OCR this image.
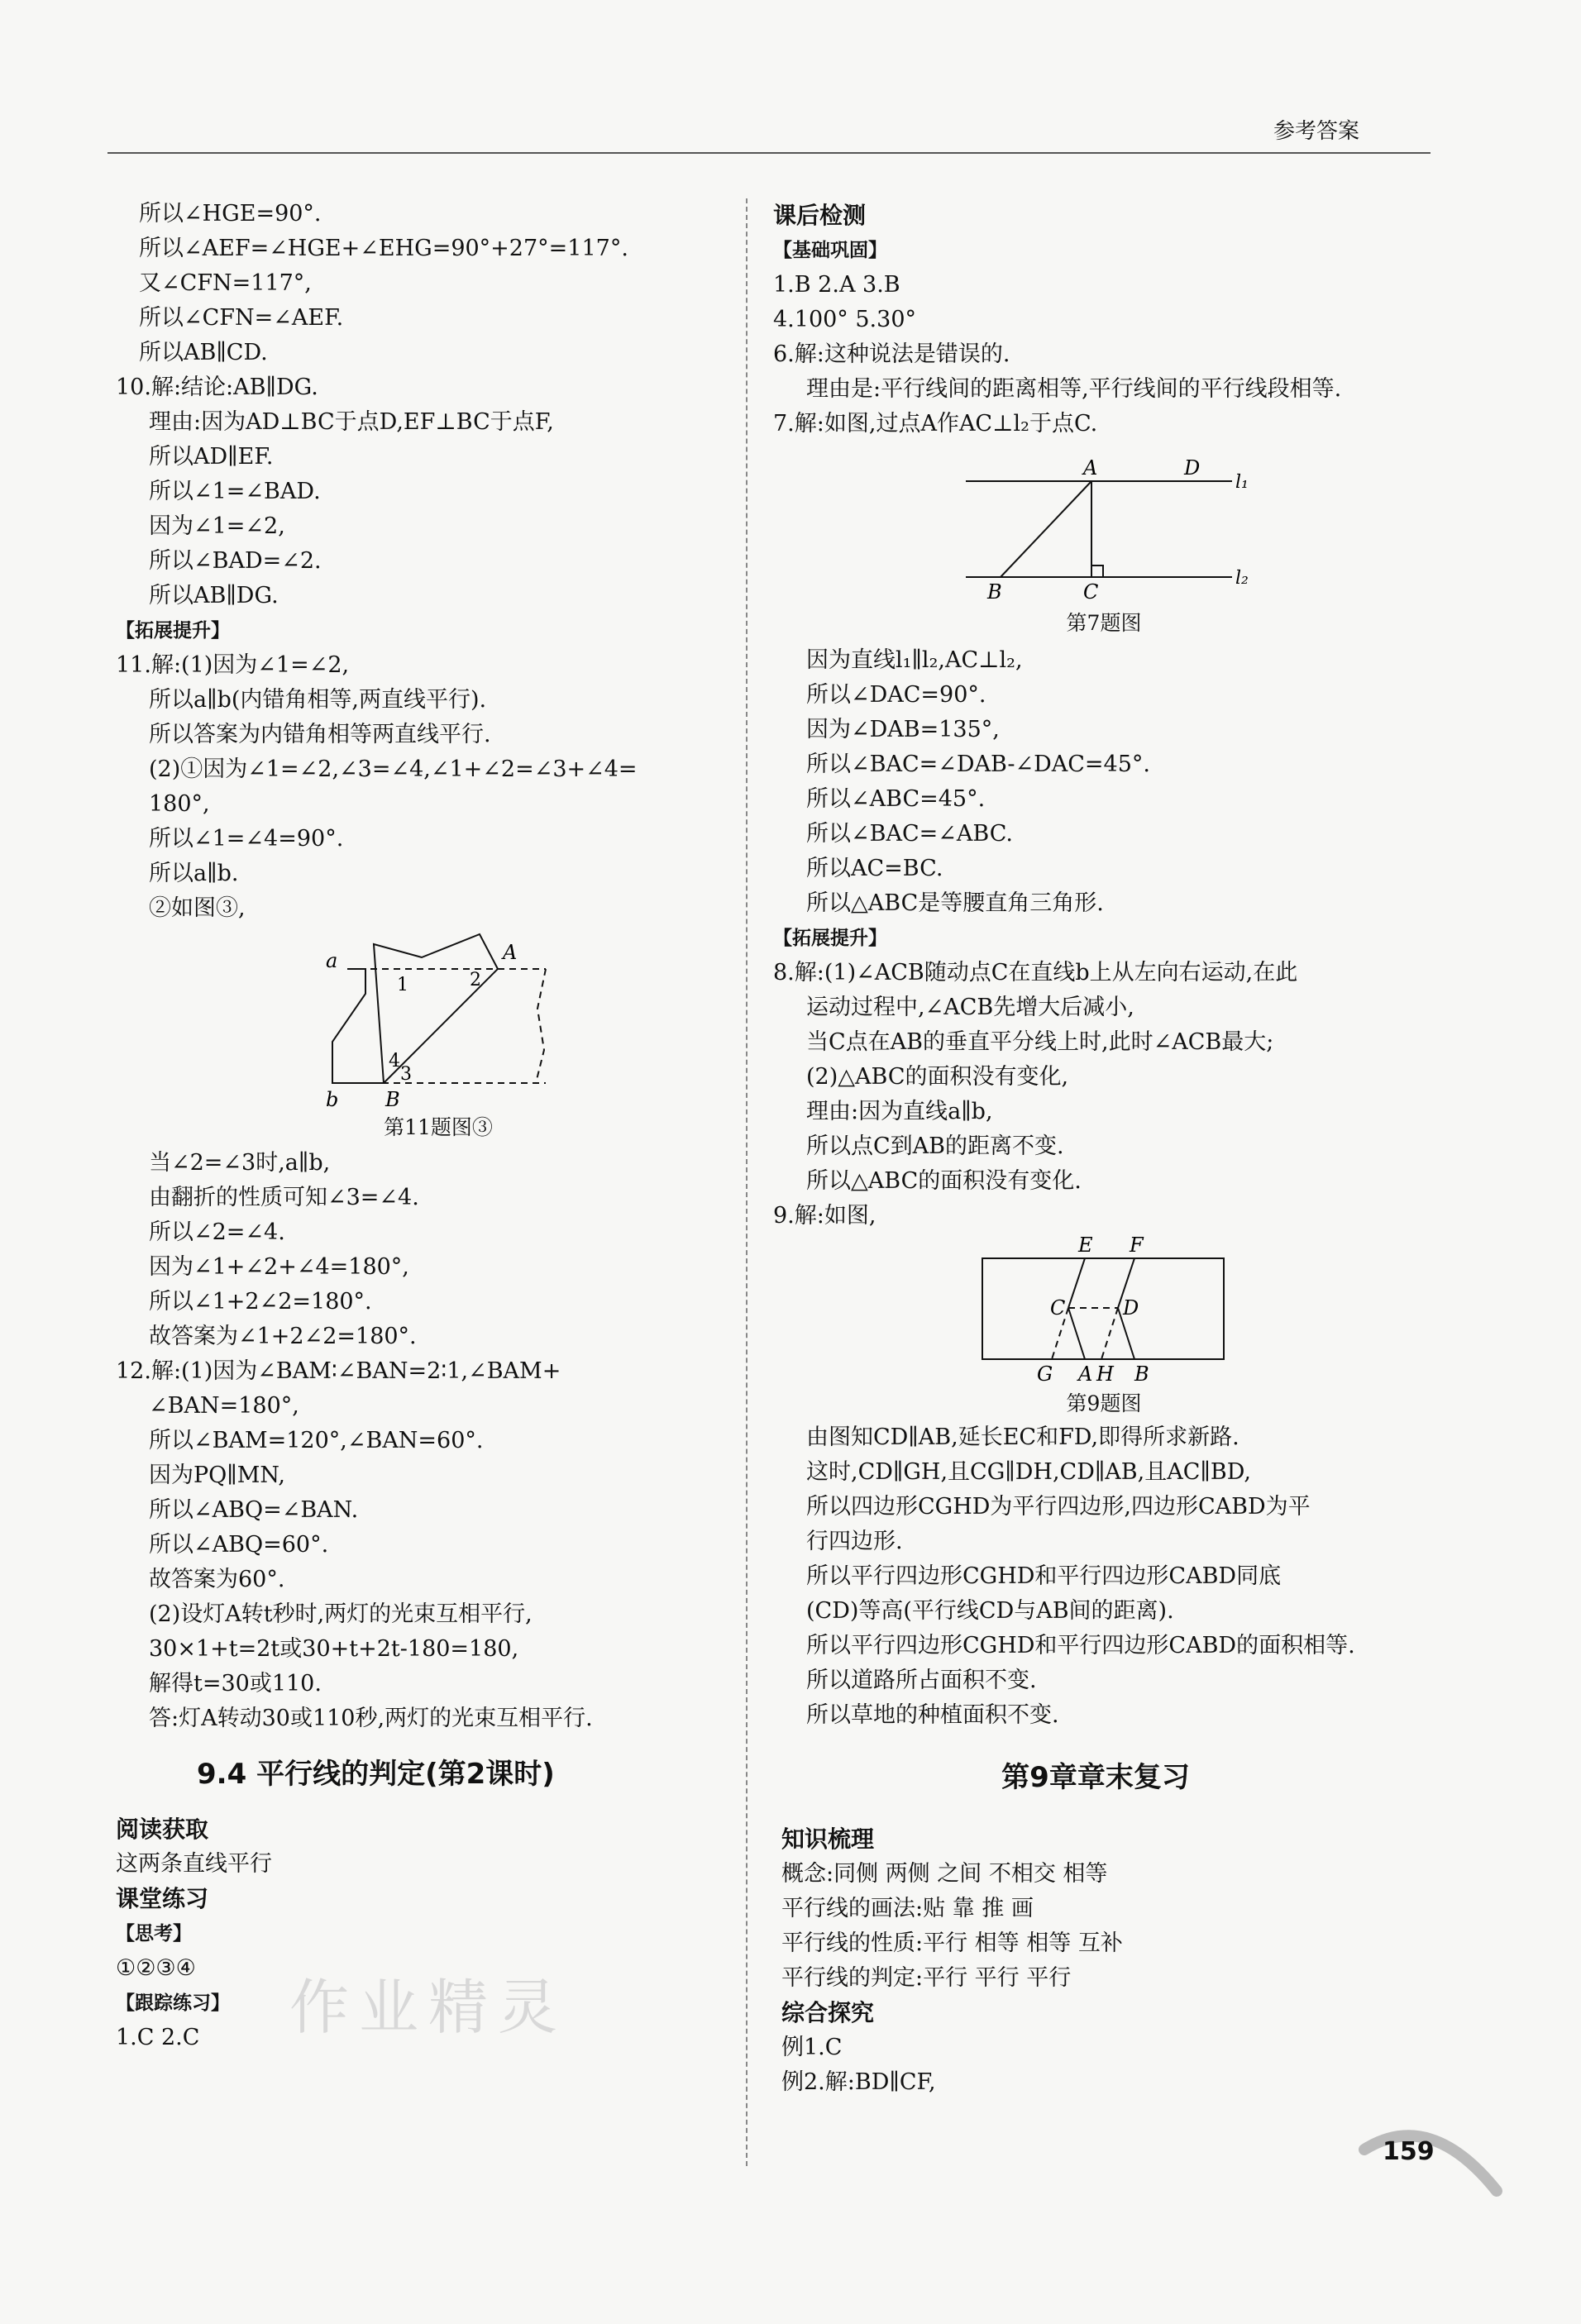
参考答案
所以∠HGE=90°.
所以∠AEF=∠HGE+∠EHG=90°+27°=117°.
又∠CFN=117°,
所以∠CFN=∠AEF.
所以AB∥CD.
10.解:结论:AB∥DG.
理由:因为AD⊥BC于点D,EF⊥BC于点F,
所以AD∥EF.
所以∠1=∠BAD.
因为∠1=∠2,
所以∠BAD=∠2.
所以AB∥DG.
【拓展提升】
11.解:(1)因为∠1=∠2,
所以a∥b(内错角相等,两直线平行).
所以答案为内错角相等两直线平行.
(2)①因为∠1=∠2,∠3=∠4,∠1+∠2=∠3+∠4=
180°,
所以∠1=∠4=90°.
所以a∥b.
②如图③,
a
b
A
B
1	2
3
4
第11题图③
当∠2=∠3时,a∥b,
由翻折的性质可知∠3=∠4.
所以∠2=∠4.
因为∠1+∠2+∠4=180°,
所以∠1+2∠2=180°.
故答案为∠1+2∠2=180°.
12.解:(1)因为∠BAM∶∠BAN=2∶1,∠BAM+
∠BAN=180°,
所以∠BAM=120°,∠BAN=60°.
因为PQ∥MN,
所以∠ABQ=∠BAN.
所以∠ABQ=60°.
故答案为60°.
(2)设灯A转t秒时,两灯的光束互相平行,
30×1+t=2t或30+t+2t-180=180,
解得t=30或110.
答:灯A转动30或110秒,两灯的光束互相平行.
9.4 平行线的判定(第2课时)
阅读获取
这两条直线平行
课堂练习
【思考】
①②③④
【跟踪练习】
1.C 2.C	作业精灵
课后检测
【基础巩固】
1.B 2.A 3.B
4.100° 5.30°
6.解:这种说法是错误的.
理由是:平行线间的距离相等,平行线间的平行线段相等.
7.解:如图,过点A作AC⊥l₂于点C.
A	D
l₁
l₂
B	C
第7题图
因为直线l₁∥l₂,AC⊥l₂,
所以∠DAC=90°.
因为∠DAB=135°,
所以∠BAC=∠DAB-∠DAC=45°.
所以∠ABC=45°.
所以∠BAC=∠ABC.
所以AC=BC.
所以△ABC是等腰直角三角形.
【拓展提升】
8.解:(1)∠ACB随动点C在直线b上从左向右运动,在此
运动过程中,∠ACB先增大后减小,
当C点在AB的垂直平分线上时,此时∠ACB最大;
(2)△ABC的面积没有变化,
理由:因为直线a∥b,
所以点C到AB的距离不变.
所以△ABC的面积没有变化.
9.解:如图,
E F
C	D
G A H B
第9题图
由图知CD∥AB,延长EC和FD,即得所求新路.
这时,CD∥GH,且CG∥DH,CD∥AB,且AC∥BD,
所以四边形CGHD为平行四边形,四边形CABD为平
行四边形.
所以平行四边形CGHD和平行四边形CABD同底
(CD)等高(平行线CD与AB间的距离).
所以平行四边形CGHD和平行四边形CABD的面积相等.
所以道路所占面积不变.
所以草地的种植面积不变.
第9章章末复习
知识梳理
概念:同侧 两侧 之间 不相交 相等
平行线的画法:贴 靠 推 画
平行线的性质:平行 相等 相等 互补
平行线的判定:平行 平行 平行
综合探究
例1.C
例2.解:BD∥CF,
159
